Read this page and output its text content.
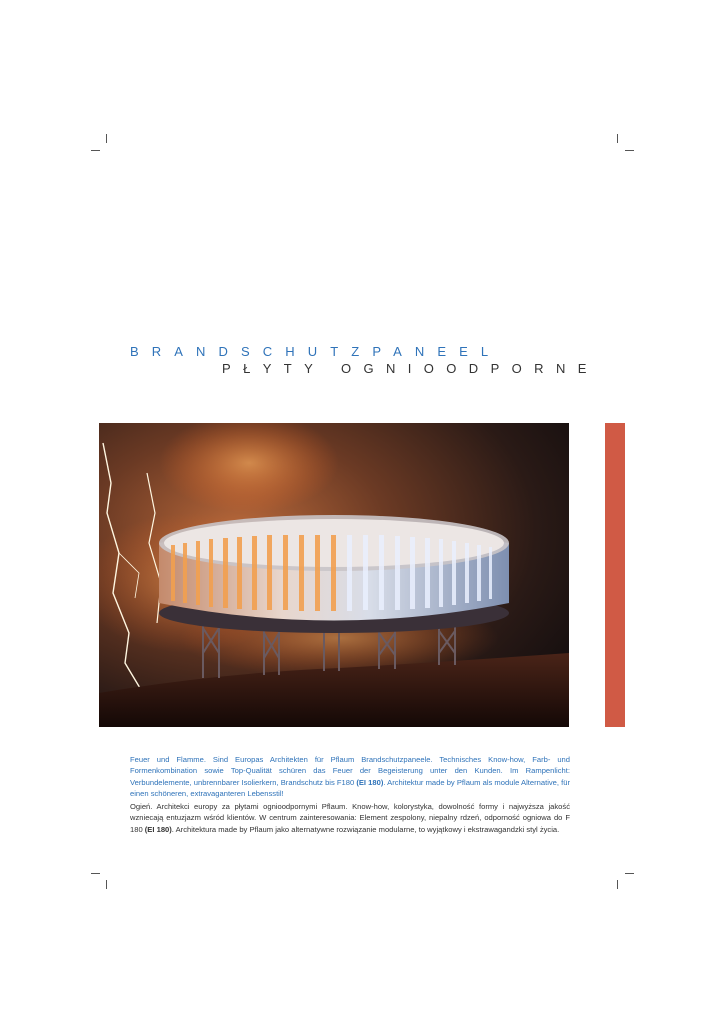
BRANDSCHUTZPANEEL
PŁYTY OGNIOODPORNE
Feuer und Flamme. Sind Europas Architekten für Pflaum Brandschutzpaneele. Technisches Know-how, Farb- und Formenkombination sowie Top-Qualität schüren das Feuer der Begeisterung unter den Kunden. Im Rampenlicht: Verbundelemente, unbrennbarer Isolierkern, Brandschutz bis F180 (EI 180). Architektur made by Pflaum als module Alternative, für einen schöneren, extravaganteren Lebensstil!
Ogień. Architekci europy za płytami ognioodpornymi Pflaum. Know-how, kolorystyka, dowolność formy i najwyższa jakość wzniecają entuzjazm wśród klientów. W centrum zainteresowania: Element zespolony, niepalny rdzeń, odporność ogniowa do F 180 (EI 180). Architektura made by Pflaum jako alternatywne rozwiązanie modularne, to wyjątkowy i ekstrawagandzki styl życia.
